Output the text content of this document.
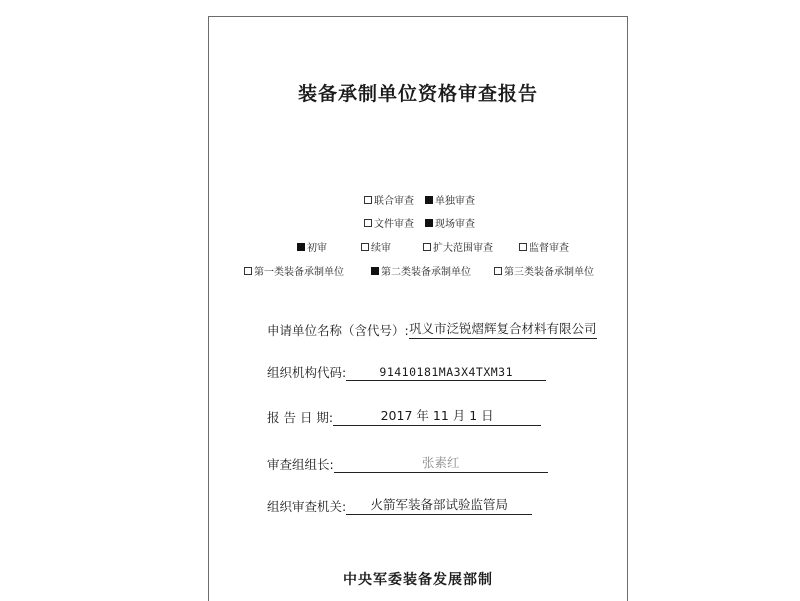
装备承制单位资格审查报告
联合审查 单独审查
文件审查 现场审查
初审	续审	扩大范围审查	监督审查
第一类装备承制单位	第二类装备承制单位	第三类装备承制单位
申请单位名称（含代号）: 巩义市泛锐熠辉复合材料有限公司
组织机构代码:	91410181MA3X4TXM31
报 告 日 期:	2017 年 11 月 1 日
审查组组长:	张素红
组织审查机关:	火箭军装备部试验监管局
中央军委装备发展部制
